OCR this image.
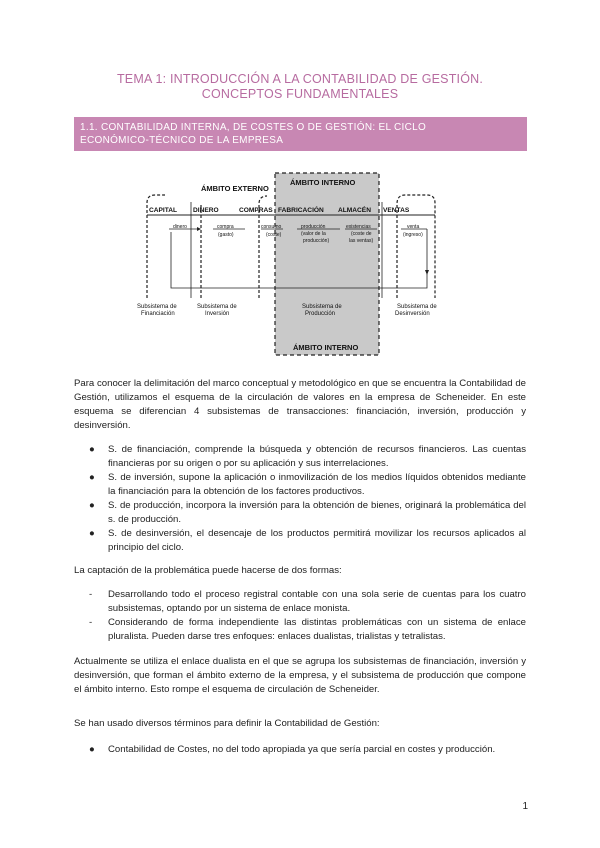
TEMA 1: INTRODUCCIÓN A LA CONTABILIDAD DE GESTIÓN.
CONCEPTOS FUNDAMENTALES
1.1. CONTABILIDAD INTERNA, DE COSTES O DE GESTIÓN: EL CICLO
ECONÓMICO-TÉCNICO DE LA EMPRESA
ÁMBITO EXTERNO
ÁMBITO INTERNO
ÁMBITO INTERNO
CAPITAL DINERO	COMPRAS FABRICACIÓN ALMACÉN VENTAS
dinero	compra
(gasto)
consumo
(coste)
producción
(valor de la
producción)
existencias
(coste de
las ventas)
venta
(ingreso)
Subsistema de
Financiación
Subsistema de
Inversión
Subsistema de
Producción
Subsistema de
Desinversión

Para conocer la delimitación del marco conceptual y metodológico en que se encuentra la Contabilidad de Gestión, utilizamos el esquema de la circulación de valores en la empresa de Scheneider. En este esquema se diferencian 4 subsistemas de transacciones: financiación, inversión, producción y desinversión.

● S. de financiación, comprende la búsqueda y obtención de recursos financieros. Las cuentas financieras por su origen o por su aplicación y sus interrelaciones.
● S. de inversión, supone la aplicación o inmovilización de los medios líquidos obtenidos mediante la financiación para la obtención de los factores productivos.
● S. de producción, incorpora la inversión para la obtención de bienes, originará la problemática del s. de producción.
● S. de desinversión, el desencaje de los productos permitirá movilizar los recursos aplicados al principio del ciclo.

La captación de la problemática puede hacerse de dos formas:

- Desarrollando todo el proceso registral contable con una sola serie de cuentas para los cuatro subsistemas, optando por un sistema de enlace monista.
- Considerando de forma independiente las distintas problemáticas con un sistema de enlace pluralista. Pueden darse tres enfoques: enlaces dualistas, trialistas y tetralistas.

Actualmente se utiliza el enlace dualista en el que se agrupa los subsistemas de financiación, inversión y desinversión, que forman el ámbito externo de la empresa, y el subsistema de producción que compone el ámbito interno. Esto rompe el esquema de circulación de Scheneider.

Se han usado diversos términos para definir la Contabilidad de Gestión:

● Contabilidad de Costes, no del todo apropiada ya que sería parcial en costes y producción.
1
